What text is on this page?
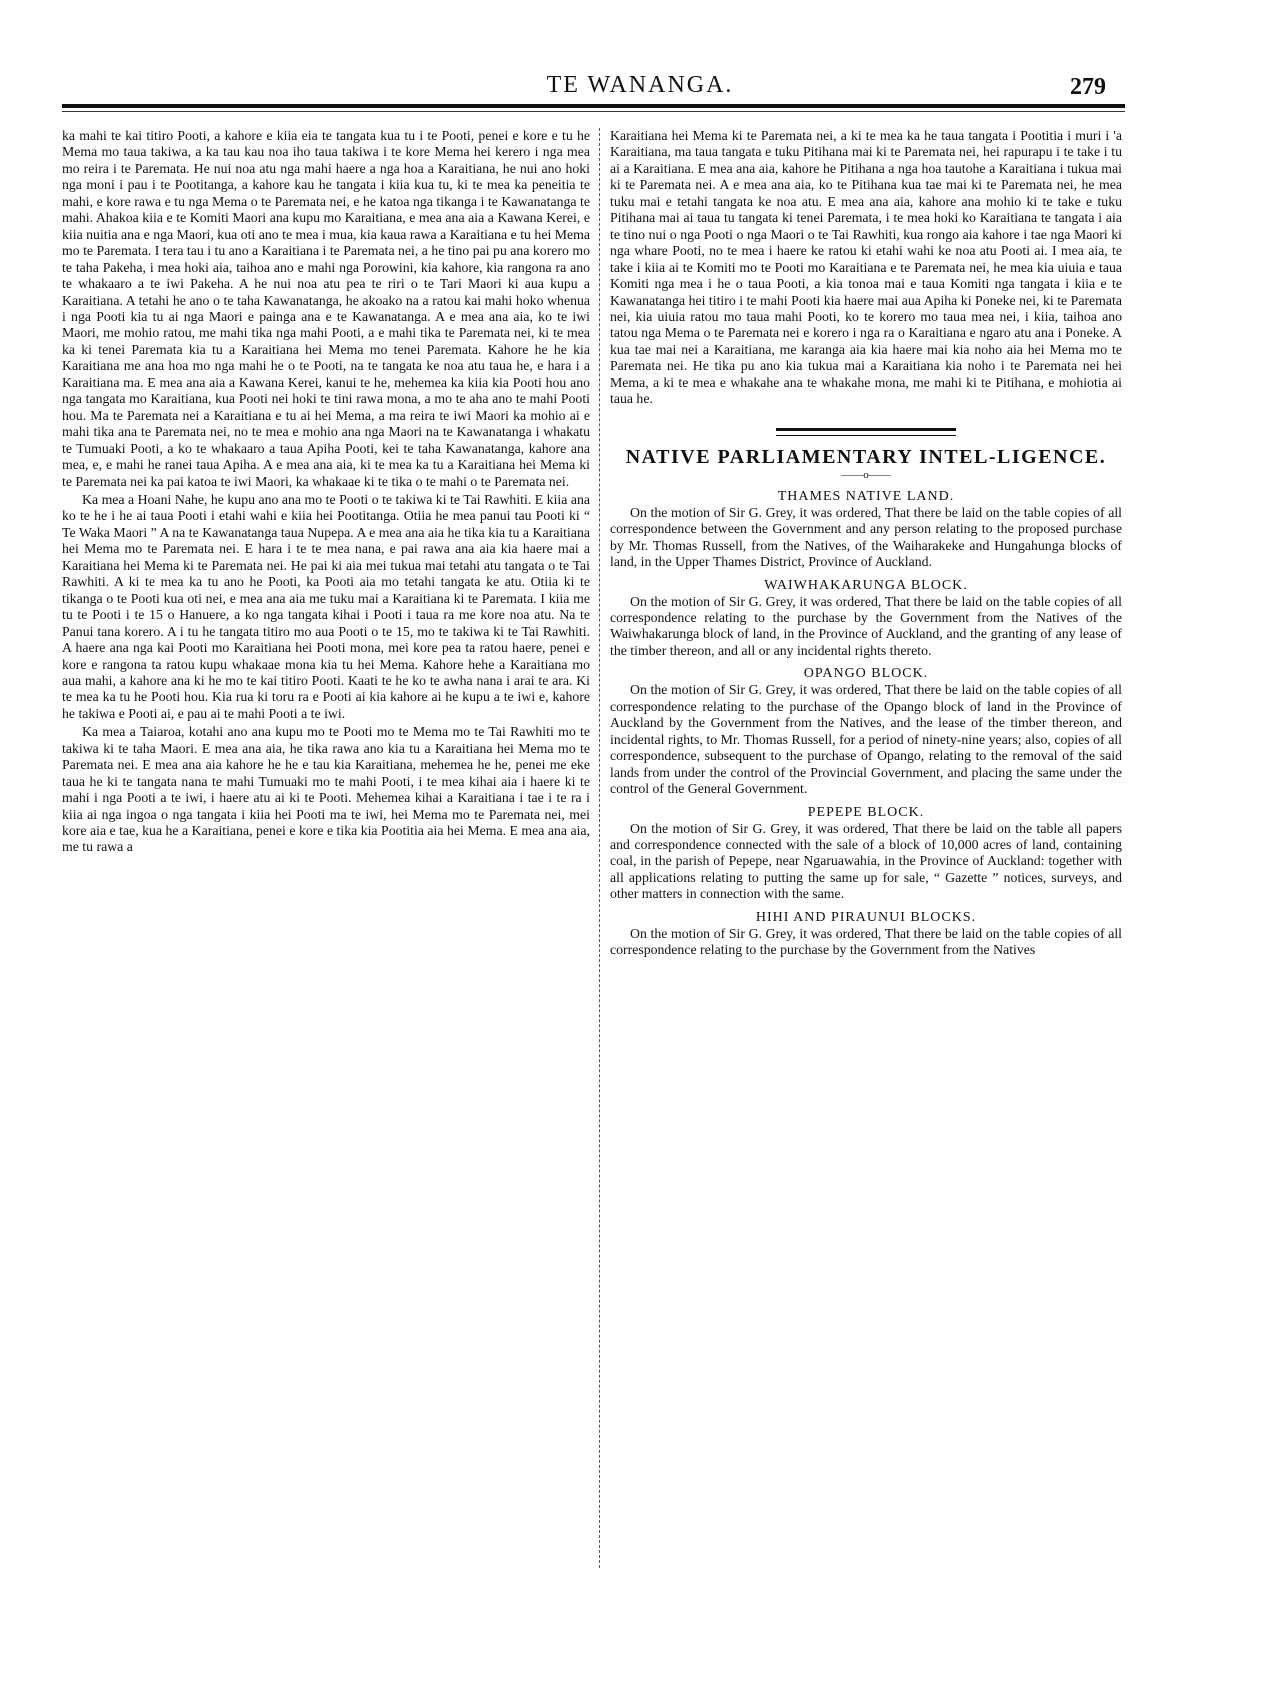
TE WANANGA.	279

ka mahi te kai titiro Pooti, a kahore e kiia eia te tangata kua tu i te Pooti, penei e kore e tu he Mema mo taua takiwa, a ka tau kau noa iho taua takiwa i te kore Mema hei kerero i nga mea mo reira i te Paremata. He nui noa atu nga mahi haere a nga hoa a Karaitiana, he nui ano hoki nga moni i pau i te Pootitanga, a kahore kau he tangata i kiia kua tu, ki te mea ka peneitia te mahi, e kore rawa e tu nga Mema o te Paremata nei, e he katoa nga tikanga i te Kawanatanga te mahi. Ahakoa kiia e te Komiti Maori ana kupu mo Karaitiana, e mea ana aia a Kawana Kerei, e kiia nuitia ana e nga Maori, kua oti ano te mea i mua, kia kaua rawa a Karaitiana e tu hei Mema mo te Paremata. I tera tau i tu ano a Karaitiana i te Paremata nei, a he tino pai pu ana korero mo te taha Pakeha, i mea hoki aia, taihoa ano e mahi nga Porowini, kia kahore, kia rangona ra ano te whakaaro a te iwi Pakeha. A he nui noa atu pea te riri o te Tari Maori ki aua kupu a Karaitiana. A tetahi he ano o te taha Kawanatanga, he akoako na a ratou kai mahi hoko whenua i nga Pooti kia tu ai nga Maori e painga ana e te Kawanatanga. A e mea ana aia, ko te iwi Maori, me mohio ratou, me mahi tika nga mahi Pooti, a e mahi tika te Paremata nei, ki te mea ka ki tenei Paremata kia tu a Karaitiana hei Mema mo tenei Paremata. Kahore he he kia Karaitiana me ana hoa mo nga mahi he o te Pooti, na te tangata ke noa atu taua he, e hara i a Karaitiana ma. E mea ana aia a Kawana Kerei, kanui te he, mehemea ka kiia kia Pooti hou ano nga tangata mo Karaitiana, kua Pooti nei hoki te tini rawa mona, a mo te aha ano te mahi Pooti hou. Ma te Paremata nei a Karaitiana e tu ai hei Mema, a ma reira te iwi Maori ka mohio ai e mahi tika ana te Paremata nei, no te mea e mohio ana nga Maori na te Kawanatanga i whakatu te Tumuaki Pooti, a ko te whakaaro a taua Apiha Pooti, kei te taha Kawanatanga, kahore ana mea, e, e mahi he ranei taua Apiha. A e mea ana aia, ki te mea ka tu a Karaitiana hei Mema ki te Paremata nei ka pai katoa te iwi Maori, ka whakaae ki te tika o te mahi o te Paremata nei.

Ka mea a Hoani Nahe, he kupu ano ana mo te Pooti o te takiwa ki te Tai Rawhiti. E kiia ana ko te he i he ai taua Pooti i etahi wahi e kiia hei Pootitanga. Otiia he mea panui tau Pooti ki “ Te Waka Maori ” A na te Kawanatanga taua Nupepa. A e mea ana aia he tika kia tu a Karaitiana hei Mema mo te Paremata nei. E hara i te te mea nana, e pai rawa ana aia kia haere mai a Karaitiana hei Mema ki te Paremata nei. He pai ki aia mei tukua mai tetahi atu tangata o te Tai Rawhiti. A ki te mea ka tu ano he Pooti, ka Pooti aia mo tetahi tangata ke atu. Otiia ki te tikanga o te Pooti kua oti nei, e mea ana aia me tuku mai a Karaitiana ki te Paremata. I kiia me tu te Pooti i te 15 o Hanuere, a ko nga tangata kihai i Pooti i taua ra me kore noa atu. Na te Panui tana korero. A i tu he tangata titiro mo aua Pooti o te 15, mo te takiwa ki te Tai Rawhiti. A haere ana nga kai Pooti mo Karaitiana hei Pooti mona, mei kore pea ta ratou haere, penei e kore e rangona ta ratou kupu whakaae mona kia tu hei Mema. Kahore hehe a Karaitiana mo aua mahi, a kahore ana ki he mo te kai titiro Pooti. Kaati te he ko te awha nana i arai te ara. Ki te mea ka tu he Pooti hou. Kia rua ki toru ra e Pooti ai kia kahore ai he kupu a te iwi e, kahore he takiwa e Pooti ai, e pau ai te mahi Pooti a te iwi.

Ka mea a Taiaroa, kotahi ano ana kupu mo te Pooti mo te Mema mo te Tai Rawhiti mo te takiwa ki te taha Maori. E mea ana aia, he tika rawa ano kia tu a Karaitiana hei Mema mo te Paremata nei. E mea ana aia kahore he he e tau kia Karaitiana, mehemea he he, penei me eke taua he ki te tangata nana te mahi Tumuaki mo te mahi Pooti, i te mea kihai aia i haere ki te mahi i nga Pooti a te iwi, i haere atu ai ki te Pooti. Mehemea kihai a Karaitiana i tae i te ra i kiia ai nga ingoa o nga tangata i kiia hei Pooti ma te iwi, hei Mema mo te Paremata nei, mei kore aia e tae, kua he a Karaitiana, penei e kore e tika kia Pootitia aia hei Mema. E mea ana aia, me tu rawa a

Karaitiana hei Mema ki te Paremata nei, a ki te mea ka he taua tangata i Pootitia i muri i 'a Karaitiana, ma taua tangata e tuku Pitihana mai ki te Paremata nei, hei rapurapu i te take i tu ai a Karaitiana. E mea ana aia, kahore he Pitihana a nga hoa tautohe a Karaitiana i tukua mai ki te Paremata nei. A e mea ana aia, ko te Pitihana kua tae mai ki te Paremata nei, he mea tuku mai e tetahi tangata ke noa atu. E mea ana aia, kahore ana mohio ki te take e tuku Pitihana mai ai taua tu tangata ki tenei Paremata, i te mea hoki ko Karaitiana te tangata i aia te tino nui o nga Pooti o nga Maori o te Tai Rawhiti, kua rongo aia kahore i tae nga Maori ki nga whare Pooti, no te mea i haere ke ratou ki etahi wahi ke noa atu Pooti ai. I mea aia, te take i kiia ai te Komiti mo te Pooti mo Karaitiana e te Paremata nei, he mea kia uiuia e taua Komiti nga mea i he o taua Pooti, a kia tonoa mai e taua Komiti nga tangata i kiia e te Kawanatanga hei titiro i te mahi Pooti kia haere mai aua Apiha ki Poneke nei, ki te Paremata nei, kia uiuia ratou mo taua mahi Pooti, ko te korero mo taua mea nei, i kiia, taihoa ano tatou nga Mema o te Paremata nei e korero i nga ra o Karaitiana e ngaro atu ana i Poneke. A kua tae mai nei a Karaitiana, me karanga aia kia haere mai kia noho aia hei Mema mo te Paremata nei. He tika pu ano kia tukua mai a Karaitiana kia noho i te Paremata nei hei Mema, a ki te mea e whakahe ana te whakahe mona, me mahi ki te Pitihana, e mohiotia ai taua he.

NATIVE PARLIAMENTARY INTEL-LIGENCE.
——o——
THAMES NATIVE LAND.

On the motion of Sir G. Grey, it was ordered, That there be laid on the table copies of all correspondence between the Government and any person relating to the proposed purchase by Mr. Thomas Russell, from the Natives, of the Waiharakeke and Hungahunga blocks of land, in the Upper Thames District, Province of Auckland.

WAIWHAKARUNGA BLOCK.

On the motion of Sir G. Grey, it was ordered, That there be laid on the table copies of all correspondence relating to the purchase by the Government from the Natives of the Waiwhakarunga block of land, in the Province of Auckland, and the granting of any lease of the timber thereon, and all or any incidental rights thereto.

OPANGO BLOCK.

On the motion of Sir G. Grey, it was ordered, That there be laid on the table copies of all correspondence relating to the purchase of the Opango block of land in the Province of Auckland by the Government from the Natives, and the lease of the timber thereon, and incidental rights, to Mr. Thomas Russell, for a period of ninety-nine years; also, copies of all correspondence, subsequent to the purchase of Opango, relating to the removal of the said lands from under the control of the Provincial Government, and placing the same under the control of the General Government.

PEPEPE BLOCK.

On the motion of Sir G. Grey, it was ordered, That there be laid on the table all papers and correspondence connected with the sale of a block of 10,000 acres of land, containing coal, in the parish of Pepepe, near Ngaruawahia, in the Province of Auckland: together with all applications relating to putting the same up for sale, “ Gazette ” notices, surveys, and other matters in connection with the same.

HIHI AND PIRAUNUI BLOCKS.

On the motion of Sir G. Grey, it was ordered, That there be laid on the table copies of all correspondence relating to the purchase by the Government from the Natives
